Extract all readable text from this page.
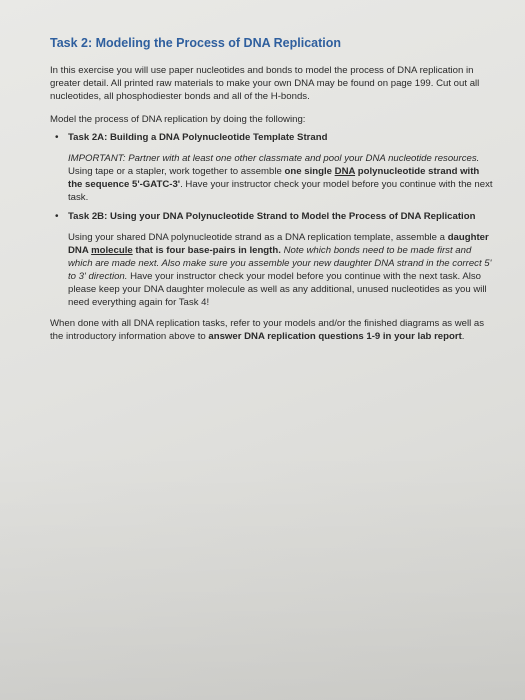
Task 2: Modeling the Process of DNA Replication

In this exercise you will use paper nucleotides and bonds to model the process of DNA replication in greater detail. All printed raw materials to make your own DNA may be found on page 199. Cut out all nucleotides, all phosphodiester bonds and all of the H-bonds.

Model the process of DNA replication by doing the following:

• Task 2A: Building a DNA Polynucleotide Template Strand
IMPORTANT: Partner with at least one other classmate and pool your DNA nucleotide resources. Using tape or a stapler, work together to assemble one single DNA polynucleotide strand with the sequence 5'-GATC-3'. Have your instructor check your model before you continue with the next task.
• Task 2B: Using your DNA Polynucleotide Strand to Model the Process of DNA Replication
Using your shared DNA polynucleotide strand as a DNA replication template, assemble a daughter DNA molecule that is four base-pairs in length. Note which bonds need to be made first and which are made next. Also make sure you assemble your new daughter DNA strand in the correct 5' to 3' direction. Have your instructor check your model before you continue with the next task. Also please keep your DNA daughter molecule as well as any additional, unused nucleotides as you will need everything again for Task 4!

When done with all DNA replication tasks, refer to your models and/or the finished diagrams as well as the introductory information above to answer DNA replication questions 1-9 in your lab report.
